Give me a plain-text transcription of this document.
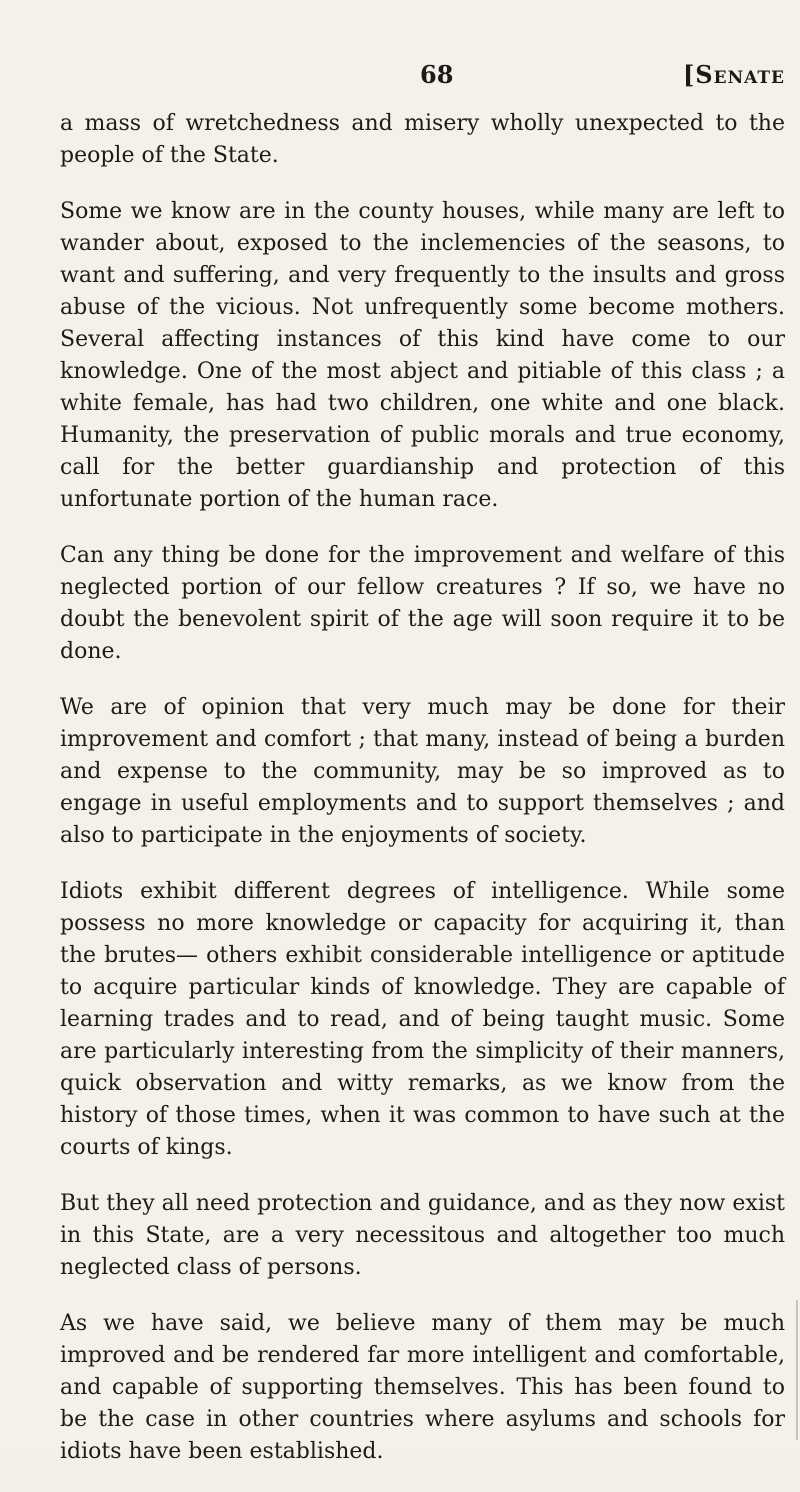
68	[Senate

a mass of wretchedness and misery wholly unexpected to the people of the State.

Some we know are in the county houses, while many are left to wander about, exposed to the inclemencies of the seasons, to want and suffering, and very frequently to the insults and gross abuse of the vicious. Not unfrequently some become mothers. Several affecting instances of this kind have come to our knowledge. One of the most abject and pitiable of this class ; a white female, has had two children, one white and one black. Humanity, the preservation of public morals and true economy, call for the better guardianship and protection of this unfortunate portion of the human race.

Can any thing be done for the improvement and welfare of this neglected portion of our fellow creatures ? If so, we have no doubt the benevolent spirit of the age will soon require it to be done.

We are of opinion that very much may be done for their improvement and comfort ; that many, instead of being a burden and expense to the community, may be so improved as to engage in useful employments and to support themselves ; and also to participate in the enjoyments of society.

Idiots exhibit different degrees of intelligence. While some possess no more knowledge or capacity for acquiring it, than the brutes— others exhibit considerable intelligence or aptitude to acquire particular kinds of knowledge. They are capable of learning trades and to read, and of being taught music. Some are particularly interesting from the simplicity of their manners, quick observation and witty remarks, as we know from the history of those times, when it was common to have such at the courts of kings.

But they all need protection and guidance, and as they now exist in this State, are a very necessitous and altogether too much neglected class of persons.

As we have said, we believe many of them may be much improved and be rendered far more intelligent and comfortable, and capable of supporting themselves. This has been found to be the case in other countries where asylums and schools for idiots have been established.
